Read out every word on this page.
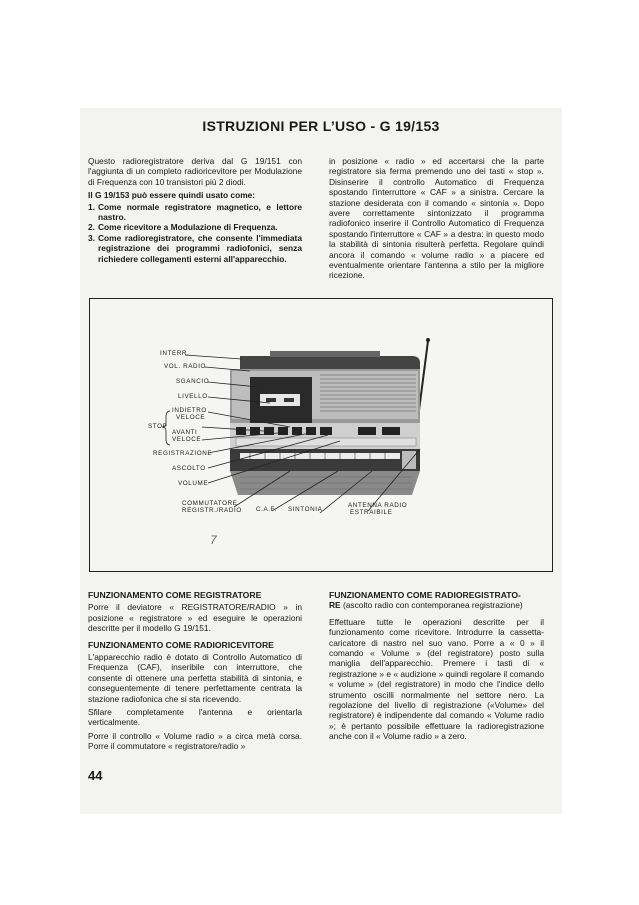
ISTRUZIONI PER L’USO - G 19/153

Questo radioregistratore deriva dal G 19/151 con l'aggiunta di un completo radioricevitore per Modulazione di Frequenza con 10 transistori più 2 diodi.

Il G 19/153 può essere quindi usato come:

1. Come normale registratore magnetico, e lettore nastro.
2. Come ricevitore a Modulazione di Frequenza.
3. Come radioregistratore, che consente l'immediata registrazione dei programmi radiofonici, senza richiedere collegamenti esterni all'apparecchio.

in posizione « radio » ed accertarsi che la parte registratore sia ferma premendo uno dei tasti « stop ». Disinserire il controllo Automatico di Frequenza spostando l'interruttore « CAF » a sinistra. Cercare la stazione desiderata con il comando « sintonia ». Dopo avere correttamente sintonizzato il programma radiofonico inserire il Controllo Automatico di Frequenza spostando l'interruttore « CAF » a destra: in questo modo la stabilità di sintonia risulterà perfetta. Regolare quindi ancora il comando « volume radio » a piacere ed eventualmente orientare l'antenna a stilo per la migliore ricezione.

INTERR.
VOL. RADIO
SGANCIO
LIVELLO
INDIETRO
VELOCE
STOP
AVANTI
VELOCE
REGISTRAZIONE
ASCOLTO
VOLUME
COMMUTATORE
REGISTR./RADIO C.A.F. SINTONIA
ANTENNA RADIO
ESTRAIBILE
7
FUNZIONAMENTO COME REGISTRATORE

Porre il deviatore « REGISTRATORE/RADIO » in posizione « registratore » ed eseguire le operazioni descritte per il modello G 19/151.

FUNZIONAMENTO COME RADIORICEVITORE

L'apparecchio radio è dotato di Controllo Automatico di Frequenza (CAF), inseribile con interruttore, che consente di ottenere una perfetta stabilità di sintonia, e conseguentemente di tenere perfettamente centrata la stazione radiofonica che si sta ricevendo.

Sfilare completamente l'antenna e orientarla verticalmente.

Porre il controllo « Volume radio » a circa metà corsa. Porre il commutatore « registratore/radio »

FUNZIONAMENTO COME RADIOREGISTRATO-

RE (ascolto radio con contemporanea registrazione)

Effettuare tutte le operazioni descritte per il funzionamento come ricevitore. Introdurre la cassetta-caricatore di nastro nel suo vano. Porre a « 0 » il comando « Volume » (del registratore) posto sulla maniglia dell'apparecchio. Premere i tasti di « registrazione » e « audizione » quindi regolare il comando « volume » (del registratore) in modo che l'indice dello strumento oscilli normalmente nel settore nero. La regolazione del livello di registrazione («Volume» del registratore) è indipendente dal comando « Volume radio »; è pertanto possibile effettuare la radioregistrazione anche con il « Volume radio » a zero.

44
